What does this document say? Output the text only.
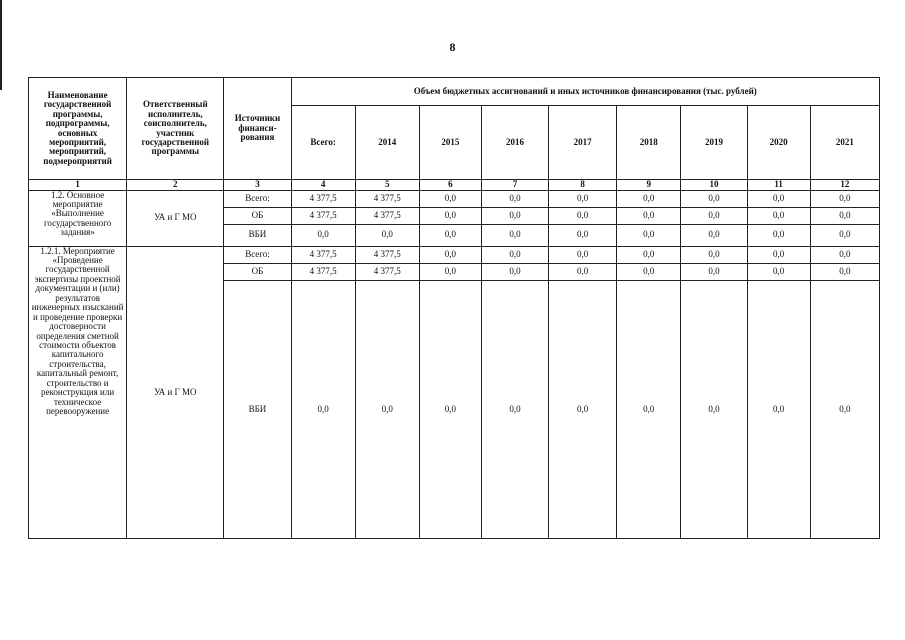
8
Наименование государственной программы, подпрограммы, основных мероприятий, мероприятий, подмероприятий	Ответственный исполнитель, соисполнитель, участник государственной программы	Источники финанси-рования	Объем бюджетных ассигнований и иных источников финансирования (тыс. рублей)								
			Всего:	2014	2015	2016	2017	2018	2019	2020	2021
1	2	3	4	5	6	7	8	9	10	11	12
1.2. Основное мероприятие «Выполнение государственного задания»	УА и Г МО	Всего:	4 377,5	4 377,5	0,0	0,0	0,0	0,0	0,0	0,0	0,0
		ОБ	4 377,5	4 377,5	0,0	0,0	0,0	0,0	0,0	0,0	0,0
		ВБИ	0,0	0,0	0,0	0,0	0,0	0,0	0,0	0,0	0,0
1.2.1. Мероприятие «Проведение государственной экспертизы проектной документации и (или) результатов инженерных изысканий и проведение проверки достоверности определения сметной стоимости объектов капитального строительства, капитальный ремонт, строительство и реконструкция или техническое перевооружение	УА и Г МО	Всего:	4 377,5	4 377,5	0,0	0,0	0,0	0,0	0,0	0,0	0,0
		ОБ	4 377,5	4 377,5	0,0	0,0	0,0	0,0	0,0	0,0	0,0
		ВБИ	0,0	0,0	0,0	0,0	0,0	0,0	0,0	0,0	0,0
